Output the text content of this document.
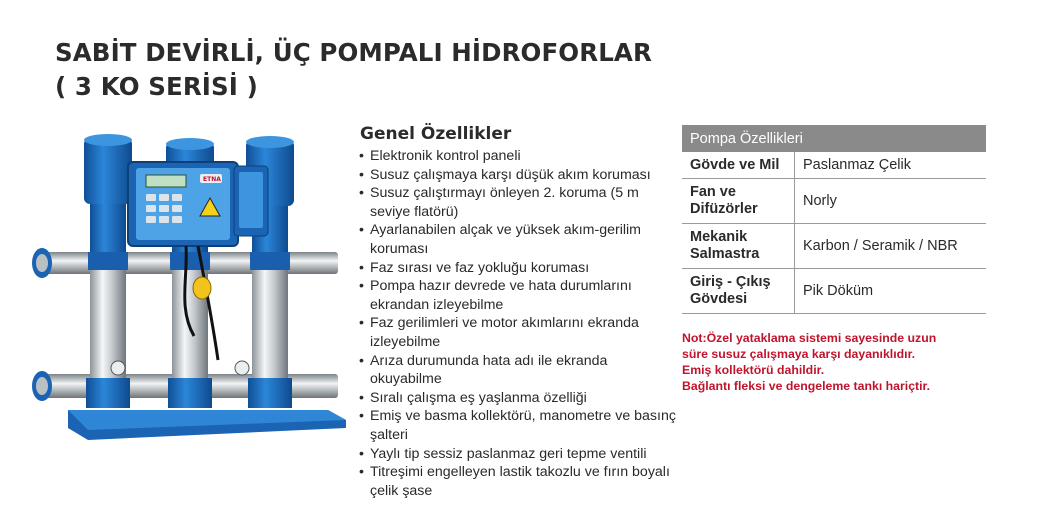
SABİT DEVİRLİ, ÜÇ POMPALI HİDROFORLAR
( 3 KO SERİSİ )
ETNA
Genel Özellikler
• Elektronik kontrol paneli
• Susuz çalışmaya karşı düşük akım koruması
• Susuz çalıştırmayı önleyen 2. koruma (5 m seviye flatörü)
• Ayarlanabilen alçak ve yüksek akım-gerilim koruması
• Faz sırası ve faz yokluğu koruması
• Pompa hazır devrede ve hata durumlarını ekrandan izleyebilme
• Faz gerilimleri ve motor akımlarını ekranda izleyebilme
• Arıza durumunda hata adı ile ekranda okuyabilme
• Sıralı çalışma eş yaşlanma özelliği
• Emiş ve basma kollektörü, manometre ve basınç şalteri
• Yaylı tip sessiz paslanmaz geri tepme ventili
• Titreşimi engelleyen lastik takozlu ve fırın boyalı çelik şase
Pompa Özellikleri	
Gövde ve Mil	Paslanmaz Çelik
Fan ve Difüzörler	Norly
Mekanik Salmastra	Karbon / Seramik / NBR
Giriş - Çıkış Gövdesi	Pik Döküm
Not:Özel yataklama sistemi sayesinde uzun
süre susuz çalışmaya karşı dayanıklıdır.
Emiş kollektörü dahildir.
Bağlantı fleksi ve dengeleme tankı hariçtir.
